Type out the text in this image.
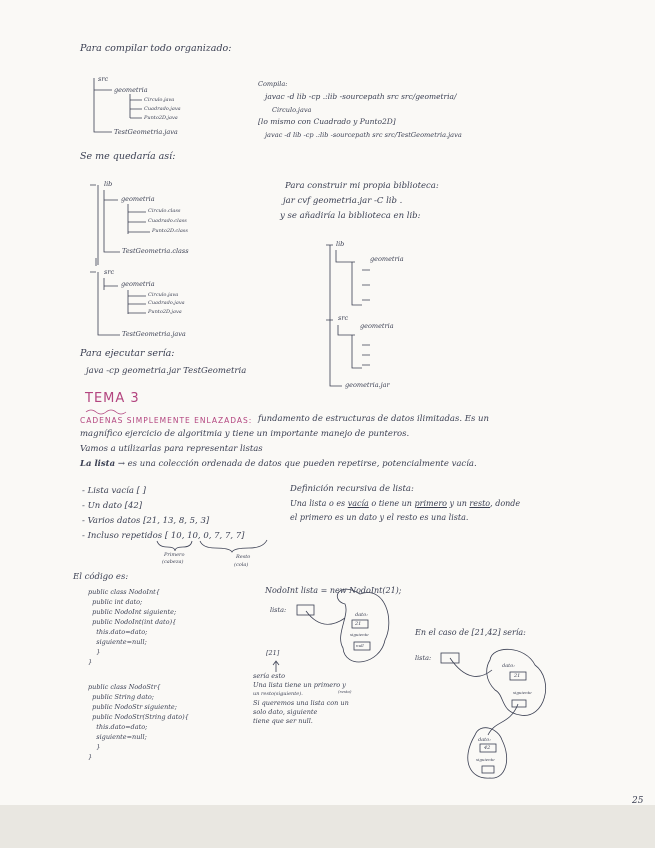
Para compilar todo organizado:
src
geometria
Circulo.java
Cuadrado.java
Punto2D.java
TestGeometria.java
Compila:
javac -d lib -cp .:lib -sourcepath src src/geometria/
Circulo.java
[lo mismo con Cuadrado y Punto2D]
javac -d lib -cp .:lib -sourcepath src src/TestGeometria.java
Se me quedaría así:
lib
geometria
Circulo.class
Cuadrado.class
Punto2D.class
TestGeometria.class
src
geometria
Circulo.java
Cuadrado.java
Punto2D.java
TestGeometria.java
Para construir mi propia biblioteca:
jar cvf geometria.jar -C lib .
y se añadiría la biblioteca en lib:
lib
geometria
src
geometria
geometria.jar
Para ejecutar sería:
java -cp geometria.jar TestGeometria
TEMA 3
CADENAS SIMPLEMENTE ENLAZADAS: fundamento de estructuras de datos ilimitadas. Es un
magnífico ejercicio de algoritmia y tiene un importante manejo de punteros.
Vamos a utilizarlas para representar listas
La lista → es una colección ordenada de datos que pueden repetirse, potencialmente vacía.
- Lista vacía [ ]
- Un dato [42]
- Varios datos [21, 13, 8, 5, 3]
- Incluso repetidos [ 10, 10, 0, 7, 7, 7]
Primero
(cabeza)
Resto
(cola)
Definición recursiva de lista:
Una lista o es vacía o tiene un primero y un resto, donde
el primero es un dato y el resto es una lista.
El código es:
public class NodoInt{
public int dato;
public NodoInt siguiente;
public NodoInt(int dato){
this.dato=dato;
siguiente=null;
}
}
public class NodoStr{
public String dato;
public NodoStr siguiente;
public NodoStr(String dato){
this.dato=dato;
siguiente=null;
}
}
NodoInt lista = new NodoInt(21);
lista:
dato:
21
siguiente
null
[21]
sería esto
Una lista tiene un primero y
un resto(siguiente).	(resto)
Si queremos una lista con un
solo dato, siguiente
tiene que ser null.
En el caso de [21,42] sería:
lista:
dato:
21
siguiente
dato:
42
siguiente
25
